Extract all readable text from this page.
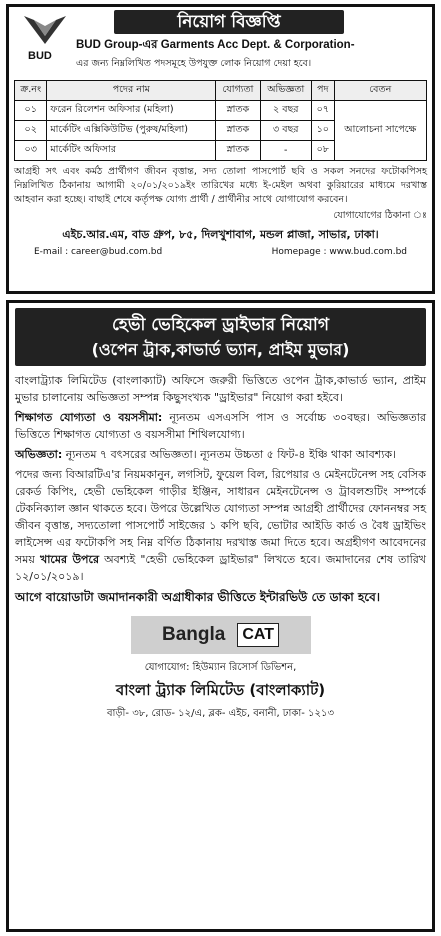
BUD
নিয়োগ বিজ্ঞপ্তি
BUD Group-এর Garments Acc Dept. & Corporation-
এর জন্য নিম্নলিখিত পদসমূহে উপযুক্ত লোক নিয়োগ দেয়া হবে।
ক্র.নং	পদের নাম	যোগ্যতা	অভিজ্ঞতা	পদ	বেতন
০১	ফরেন রিলেশন অফিসার (মহিলা)	স্নাতক	২ বছর	০৭	আলোচনা সাপেক্ষে
০২	মার্কেটিং এক্সিকিউটিভ (পুরুষ/মহিলা)	স্নাতক	৩ বছর	১০	
০৩	মার্কেটিং অফিসার	স্নাতক	-	০৮	
আগ্রহী সৎ এবং কর্মঠ প্রার্থীগণ জীবন বৃত্তান্ত, সদ্য তোলা পাসপোর্ট ছবি ও সকল সনদের ফটোকপিসহ নিম্নলিখিত ঠিকানায় আগামী ২০/০১/২০১৯ইং তারিখের মধ্যে ই-মেইল অথবা কুরিয়ারের মাধ্যমে দরখাস্ত আহবান করা হচ্ছে। বাছাই শেষে কর্তৃপক্ষ যোগ্য প্রার্থী / প্রার্থীনীর সাথে যোগাযোগ করবেন।
যোগাযোগের ঠিকানা ঃ
এইচ.আর.এম, বাড গ্রুপ, ৮৫, দিলখুশাবাগ, মন্ডল প্লাজা, সাভার, ঢাকা।
E-mail : career@bud.com.bd	Homepage : www.bud.com.bd
হেভী ভেহিকেল ড্রাইভার নিয়োগ
(ওপেন ট্রাক,কাভার্ড ভ্যান, প্রাইম মুভার)

বাংলাট্র্যাক লিমিটেড (বাংলাক্যাট) অফিসে জরুরী ভিত্তিতে ওপেন ট্রাক,কাভার্ড ভ্যান, প্রাইম মুভার চালানোয় অভিজ্ঞতা সম্পন্ন কিছুসংখ্যক "ড্রাইভার" নিয়োগ করা হইবে।

শিক্ষাগত যোগ্যতা ও বয়সসীমা: ন্যূনতম এসএসসি পাস ও সর্বোচ্চ ৩০বছর। অভিজ্ঞতার ভিত্তিতে শিক্ষাগত যোগ্যতা ও বয়সসীমা শিথিলযোগ্য।

অভিজ্ঞতা: ন্যূনতম ৭ বৎসরের অভিজ্ঞতা। ন্যূনতম উচ্চতা ৫ ফিট-৪ ইঞ্চি থাকা আবশ্যক।

পদের জন্য বিআরটিএ'র নিয়মকানুন, লগসিট, ফুয়েল বিল, রিপেয়ার ও মেইনটেনেন্স সহ বেসিক রেকর্ড কিপিং, হেভী ভেহিকেল গাড়ীর ইঞ্জিন, সাধারন মেইনটেনেন্স ও ট্রাবলশুটিং সম্পর্কে টেকনিক্যাল জ্ঞান থাকতে হবে। উপরে উল্লেখিত যোগ্যতা সম্পন্ন আগ্রহী প্রার্থীদের ফোননম্বর সহ জীবন বৃত্তান্ত, সদ্যতোলা পাসপোর্ট সাইজের ১ কপি ছবি, ভোটার আইডি কার্ড ও বৈধ ড্রাইভিং লাইসেন্স এর ফটোকপি সহ নিম্ন বর্ণিত ঠিকানায় দরখাস্ত জমা দিতে হবে। অগ্রহীগণ আবেদনের সময় খামের উপরে অবশ্যই "হেভী ভেহিকেল ড্রাইভার" লিখতে হবে। জমাদানের শেষ তারিখ ১২/০১/২০১৯।

আগে বায়োডাটা জমাদানকারী অগ্রাধীকার ভীত্তিতে ইন্টারভিউ তে ডাকা হবে।
Bangla	CAT
যোগাযোগ: হিউম্যান রিসোর্স ডিভিশন,
বাংলা ট্র্যাক লিমিটেড (বাংলাক্যাট)
বাড়ী- ৩৮, রোড- ১২/এ, ব্লক- এইচ, বনানী, ঢাকা- ১২১৩
